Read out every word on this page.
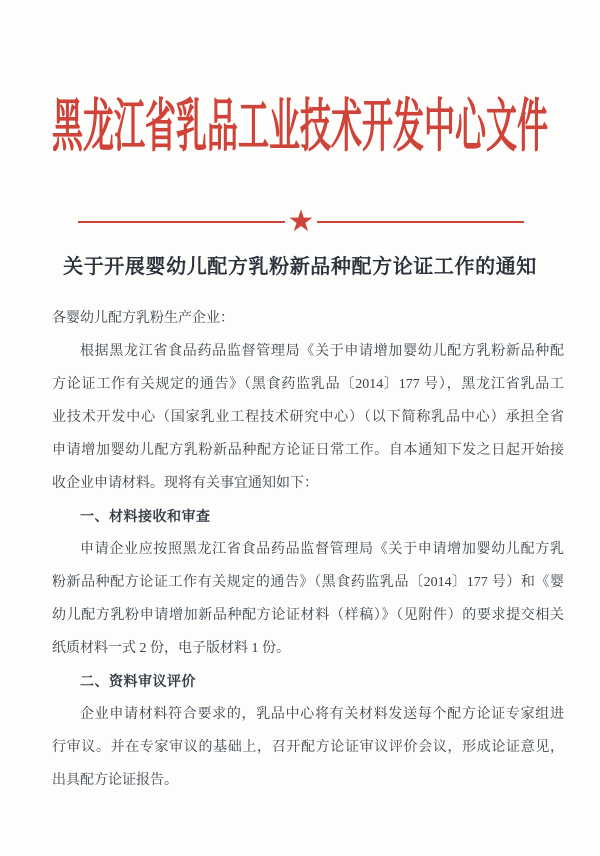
黑龙江省乳品工业技术开发中心文件
★
关于开展婴幼儿配方乳粉新品种配方论证工作的通知
各婴幼儿配方乳粉生产企业：
根据黑龙江省食品药品监督管理局《关于申请增加婴幼儿配方乳粉新品种配
方论证工作有关规定的通告》（黑食药监乳品〔2014〕177 号），黑龙江省乳品工
业技术开发中心（国家乳业工程技术研究中心）（以下简称乳品中心）承担全省
申请增加婴幼儿配方乳粉新品种配方论证日常工作。自本通知下发之日起开始接
收企业申请材料。现将有关事宜通知如下：
一、材料接收和审查
申请企业应按照黑龙江省食品药品监督管理局《关于申请增加婴幼儿配方乳
粉新品种配方论证工作有关规定的通告》（黑食药监乳品〔2014〕177 号）和《婴
幼儿配方乳粉申请增加新品种配方论证材料（样稿）》（见附件）的要求提交相关
纸质材料一式 2 份，电子版材料 1 份。
二、资料审议评价
企业申请材料符合要求的，乳品中心将有关材料发送每个配方论证专家组进
行审议。并在专家审议的基础上，召开配方论证审议评价会议，形成论证意见，
出具配方论证报告。
